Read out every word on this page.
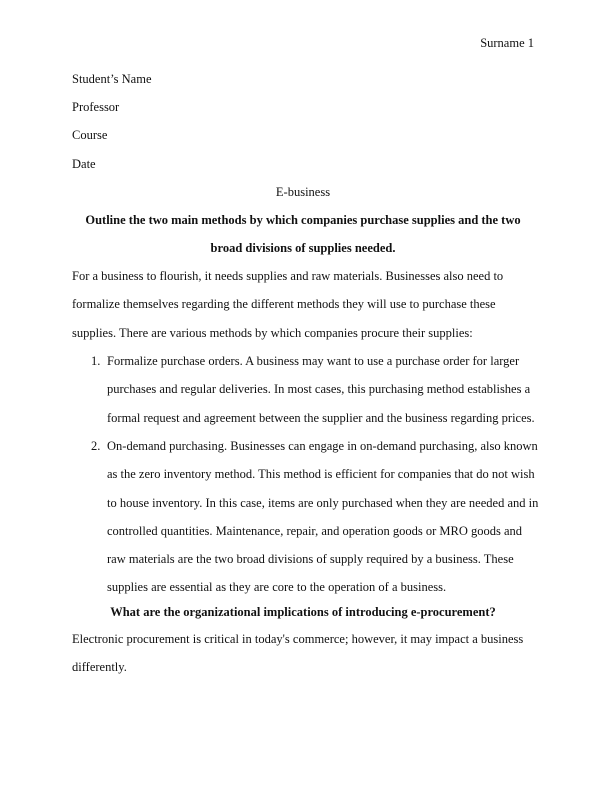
Surname 1
Student’s Name
Professor
Course
Date
E-business
Outline the two main methods by which companies purchase supplies and the two broad divisions of supplies needed.

For a business to flourish, it needs supplies and raw materials. Businesses also need to formalize themselves regarding the different methods they will use to purchase these supplies. There are various methods by which companies procure their supplies:

1. Formalize purchase orders. A business may want to use a purchase order for larger purchases and regular deliveries. In most cases, this purchasing method establishes a formal request and agreement between the supplier and the business regarding prices.
2. On-demand purchasing. Businesses can engage in on-demand purchasing, also known as the zero inventory method. This method is efficient for companies that do not wish to house inventory. In this case, items are only purchased when they are needed and in controlled quantities. Maintenance, repair, and operation goods or MRO goods and raw materials are the two broad divisions of supply required by a business. These supplies are essential as they are core to the operation of a business.
What are the organizational implications of introducing e-procurement?

Electronic procurement is critical in today's commerce; however, it may impact a business differently.
